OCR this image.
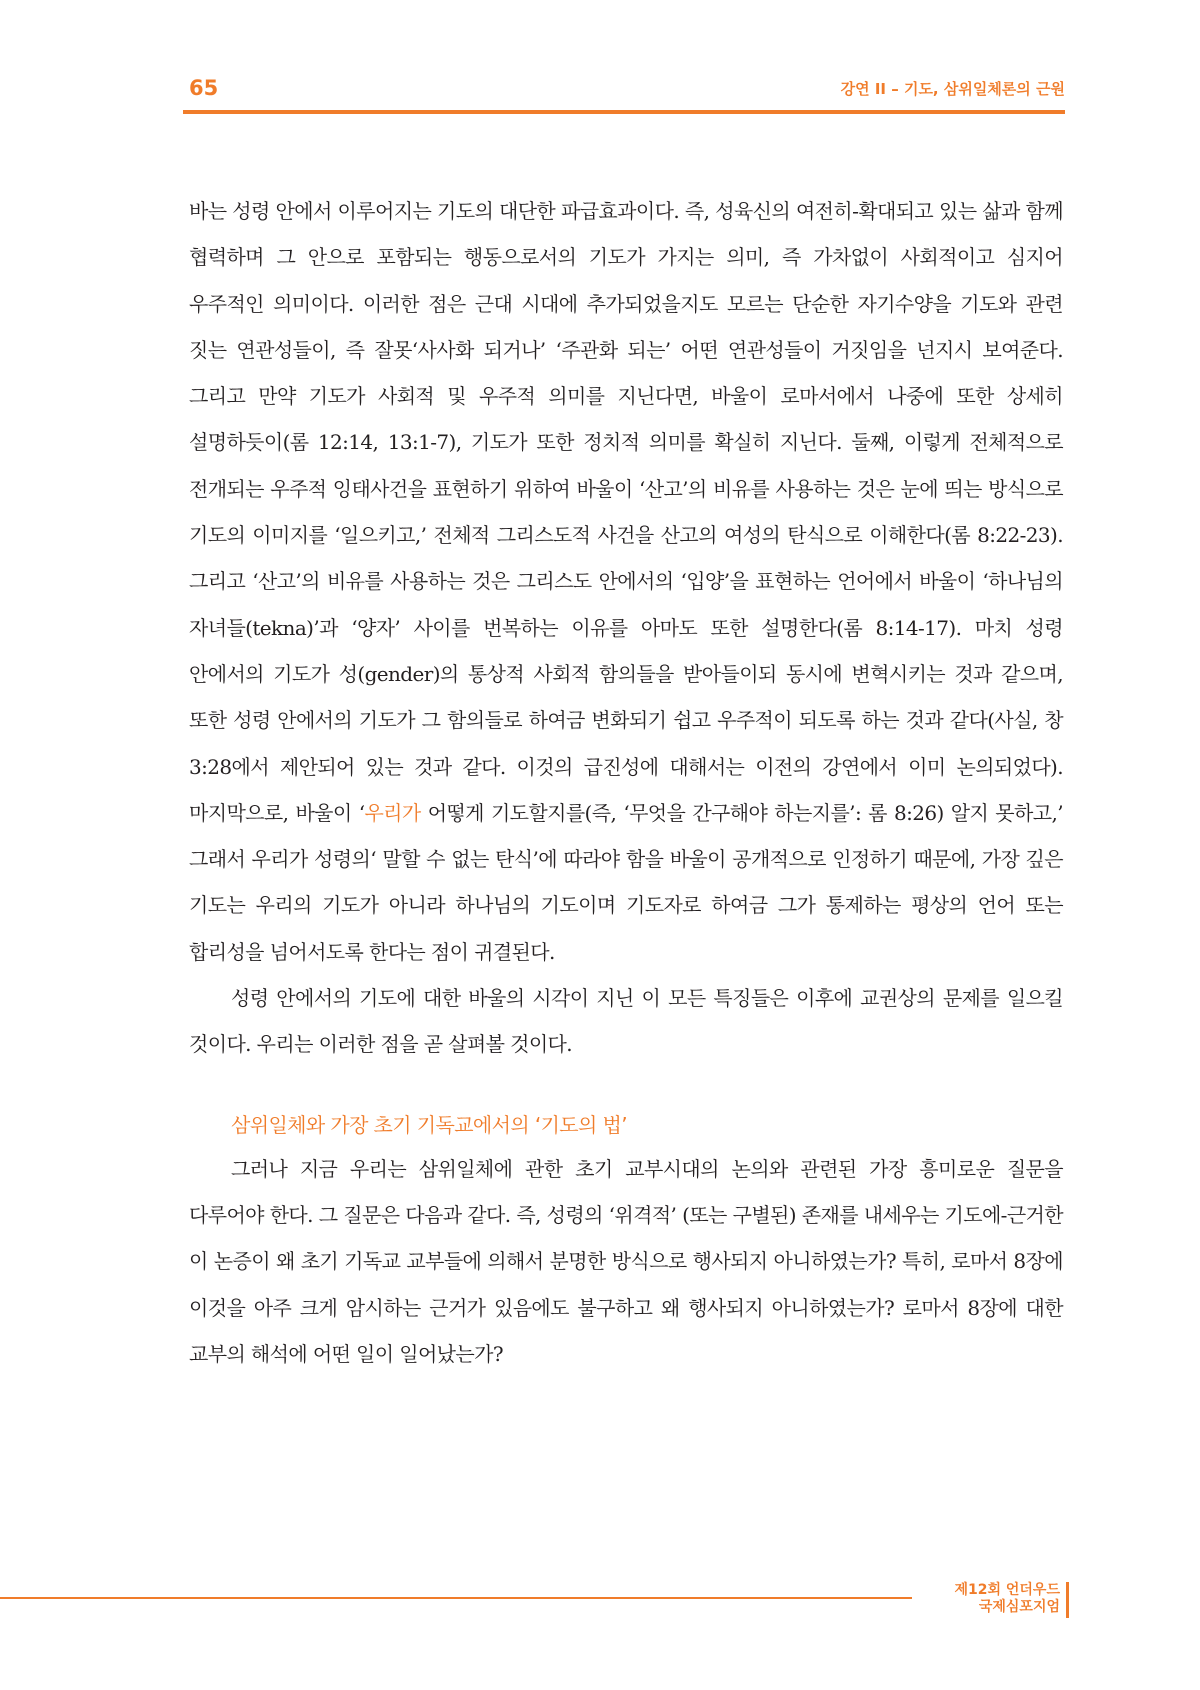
65	강연 II – 기도, 삼위일체론의 근원

바는 성령 안에서 이루어지는 기도의 대단한 파급효과이다. 즉, 성육신의 여전히-확대되고 있는 삶과 함께 협력하며 그 안으로 포함되는 행동으로서의 기도가 가지는 의미, 즉 가차없이 사회적이고 심지어 우주적인 의미이다. 이러한 점은 근대 시대에 추가되었을지도 모르는 단순한 자기수양을 기도와 관련 짓는 연관성들이, 즉 잘못‘사사화 되거나’ ‘주관화 되는’ 어떤 연관성들이 거짓임을 넌지시 보여준다. 그리고 만약 기도가 사회적 및 우주적 의미를 지닌다면, 바울이 로마서에서 나중에 또한 상세히 설명하듯이(롬 12:14, 13:1-7), 기도가 또한 정치적 의미를 확실히 지닌다. 둘째, 이렇게 전체적으로 전개되는 우주적 잉태사건을 표현하기 위하여 바울이 ‘산고’의 비유를 사용하는 것은 눈에 띄는 방식으로 기도의 이미지를 ‘일으키고,’ 전체적 그리스도적 사건을 산고의 여성의 탄식으로 이해한다(롬 8:22-23). 그리고 ‘산고’의 비유를 사용하는 것은 그리스도 안에서의 ‘입양’을 표현하는 언어에서 바울이 ‘하나님의 자녀들(tekna)’과 ‘양자’ 사이를 번복하는 이유를 아마도 또한 설명한다(롬 8:14-17). 마치 성령 안에서의 기도가 성(gender)의 통상적 사회적 함의들을 받아들이되 동시에 변혁시키는 것과 같으며, 또한 성령 안에서의 기도가 그 함의들로 하여금 변화되기 쉽고 우주적이 되도록 하는 것과 같다(사실, 창 3:28에서 제안되어 있는 것과 같다. 이것의 급진성에 대해서는 이전의 강연에서 이미 논의되었다). 마지막으로, 바울이 ‘우리가 어떻게 기도할지를(즉, ‘무엇을 간구해야 하는지를’: 롬 8:26) 알지 못하고,’ 그래서 우리가 성령의‘ 말할 수 없는 탄식’에 따라야 함을 바울이 공개적으로 인정하기 때문에, 가장 깊은 기도는 우리의 기도가 아니라 하나님의 기도이며 기도자로 하여금 그가 통제하는 평상의 언어 또는 합리성을 넘어서도록 한다는 점이 귀결된다.

성령 안에서의 기도에 대한 바울의 시각이 지닌 이 모든 특징들은 이후에 교권상의 문제를 일으킬 것이다. 우리는 이러한 점을 곧 살펴볼 것이다.

삼위일체와 가장 초기 기독교에서의 ‘기도의 법’

그러나 지금 우리는 삼위일체에 관한 초기 교부시대의 논의와 관련된 가장 흥미로운 질문을 다루어야 한다. 그 질문은 다음과 같다. 즉, 성령의 ‘위격적’ (또는 구별된) 존재를 내세우는 기도에-근거한 이 논증이 왜 초기 기독교 교부들에 의해서 분명한 방식으로 행사되지 아니하였는가? 특히, 로마서 8장에 이것을 아주 크게 암시하는 근거가 있음에도 불구하고 왜 행사되지 아니하였는가? 로마서 8장에 대한 교부의 해석에 어떤 일이 일어났는가?

제12회 언더우드
국제심포지엄
